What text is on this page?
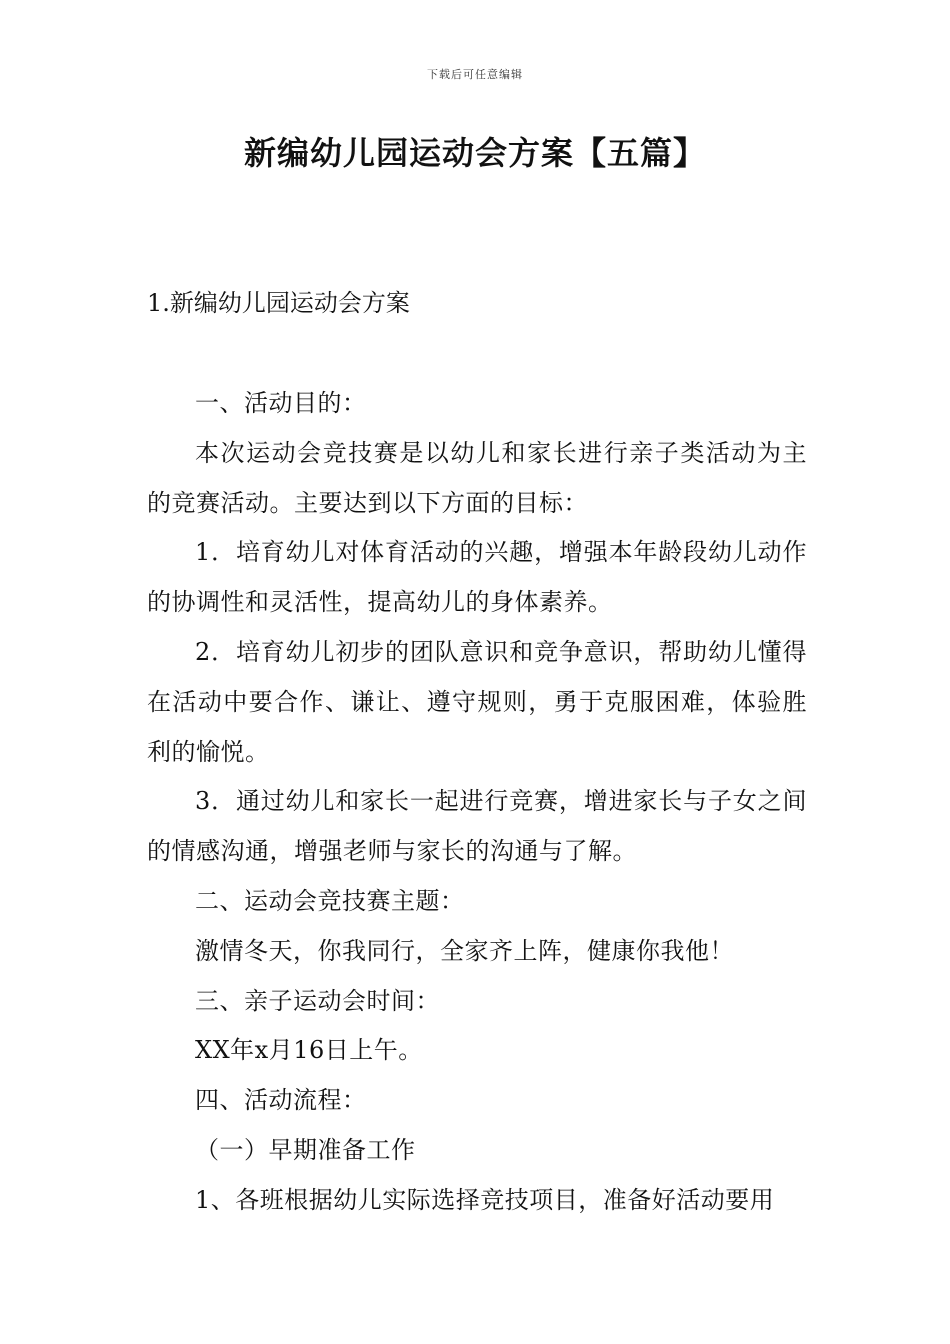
下载后可任意编辑
新编幼儿园运动会方案【五篇】
1.新编幼儿园运动会方案

一、活动目的：

本次运动会竞技赛是以幼儿和家长进行亲子类活动为主的竞赛活动。主要达到以下方面的目标：

1．培育幼儿对体育活动的兴趣，增强本年龄段幼儿动作的协调性和灵活性，提高幼儿的身体素养。

2．培育幼儿初步的团队意识和竞争意识，帮助幼儿懂得在活动中要合作、谦让、遵守规则，勇于克服困难，体验胜利的愉悦。

3．通过幼儿和家长一起进行竞赛，增进家长与子女之间的情感沟通，增强老师与家长的沟通与了解。

二、运动会竞技赛主题：

激情冬天，你我同行，全家齐上阵，健康你我他！

三、亲子运动会时间：

XX年x月16日上午。

四、活动流程：

（一）早期准备工作

1、各班根据幼儿实际选择竞技项目，准备好活动要用
